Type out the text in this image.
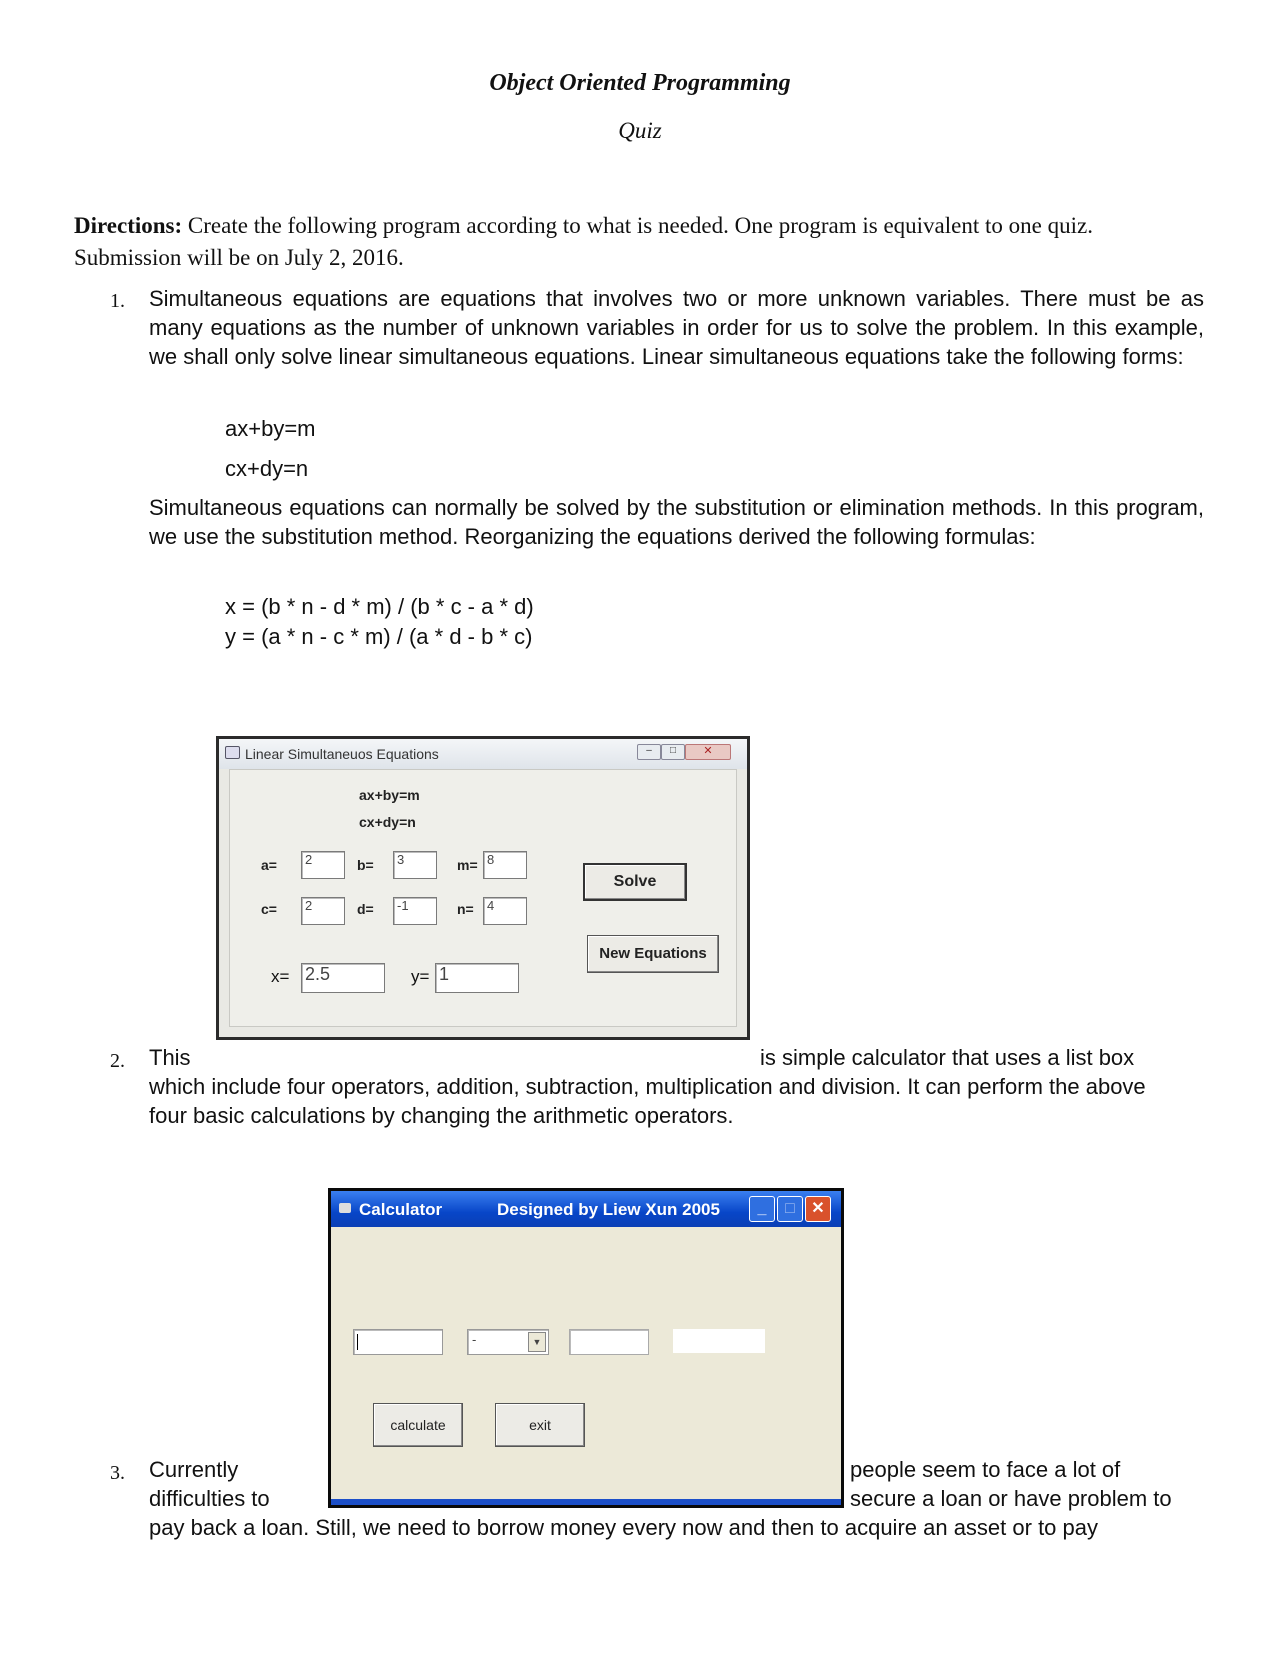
Object Oriented Programming
Quiz
Directions: Create the following program according to what is needed. One program is equivalent to one quiz. Submission will be on July 2, 2016.
1. Simultaneous equations are equations that involves two or more unknown variables. There must be as many equations as the number of unknown variables in order for us to solve the problem. In this example, we shall only solve linear simultaneous equations. Linear simultaneous equations take the following forms:
ax+by=m
cx+dy=n
Simultaneous equations can normally be solved by the substitution or elimination methods. In this program, we use the substitution method. Reorganizing the equations derived the following formulas:
x = (b * n - d * m) / (b * c - a * d)
y = (a * n - c * m) / (a * d - b * c)
Linear Simultaneuos Equations	–	□	✕
ax+by=m
cx+dy=n
a=	2	b=	3	m= 8
c=	2	d=	-1	n=	4
x= 2.5	y= 1
Solve
New Equations
2. This	is simple calculator that uses a list box
which include four operators, addition, subtraction, multiplication and division. It can perform the above four basic calculations by changing the arithmetic operators.
Calculator	Designed by Liew Xun 2005	_	□	✕
-	▼
calculate	exit
3. Currently	people seem to face a lot of
difficulties to	secure a loan or have problem to
pay back a loan. Still, we need to borrow money every now and then to acquire an asset or to pay
